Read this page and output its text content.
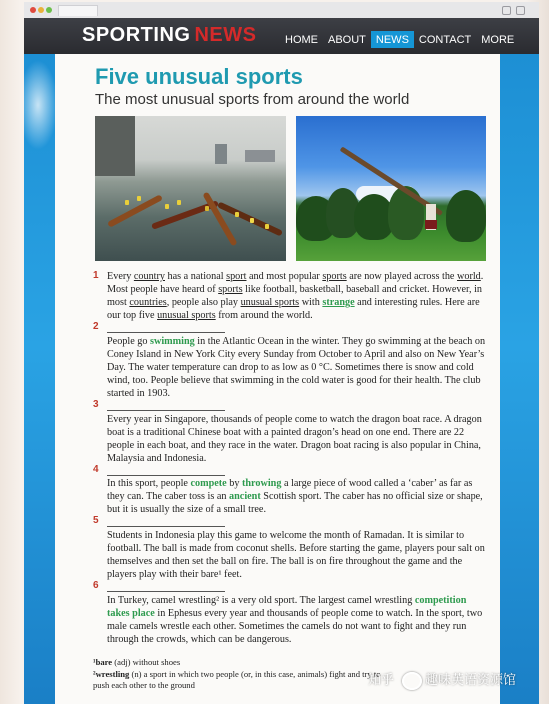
SPORTING NEWS	HOME ABOUT NEWS CONTACT MORE
Five unusual sports
The most unusual sports from around the world
1 Every country has a national sport and most popular sports are now played across the world. Most people have heard of sports like football, basketball, baseball and cricket. However, in most countries, people also play unusual sports with strange and interesting rules. Here are our top five unusual sports from around the world.
2
People go swimming in the Atlantic Ocean in the winter. They go swimming at the beach on Coney Island in New York City every Sunday from October to April and also on New Year’s Day. The water temperature can drop to as low as 0 °C. Sometimes there is snow and cold wind, too. People believe that swimming in the cold water is good for their health. The club started in 1903.
3
Every year in Singapore, thousands of people come to watch the dragon boat race. A dragon boat is a traditional Chinese boat with a painted dragon’s head on one end. There are 22 people in each boat, and they race in the water. Dragon boat racing is also popular in China, Malaysia and Indonesia.
4
In this sport, people compete by throwing a large piece of wood called a ‘caber’ as far as they can. The caber toss is an ancient Scottish sport. The caber has no official size or shape, but it is usually the size of a small tree.
5
Students in Indonesia play this game to welcome the month of Ramadan. It is similar to football. The ball is made from coconut shells. Before starting the game, players pour salt on themselves and then set the ball on fire. The ball is on fire throughout the game and the players play with their bare¹ feet.
6
In Turkey, camel wrestling² is a very old sport. The largest camel wrestling competition takes place in Ephesus every year and thousands of people come to watch. In the sport, two male camels wrestle each other. Sometimes the camels do not want to fight and they run through the crowds, which can be dangerous.
¹bare (adj) without shoes
²wrestling (n) a sport in which two people (or, in this case, animals) fight and try to push each other to the ground	知乎 趣味英语资源馆
